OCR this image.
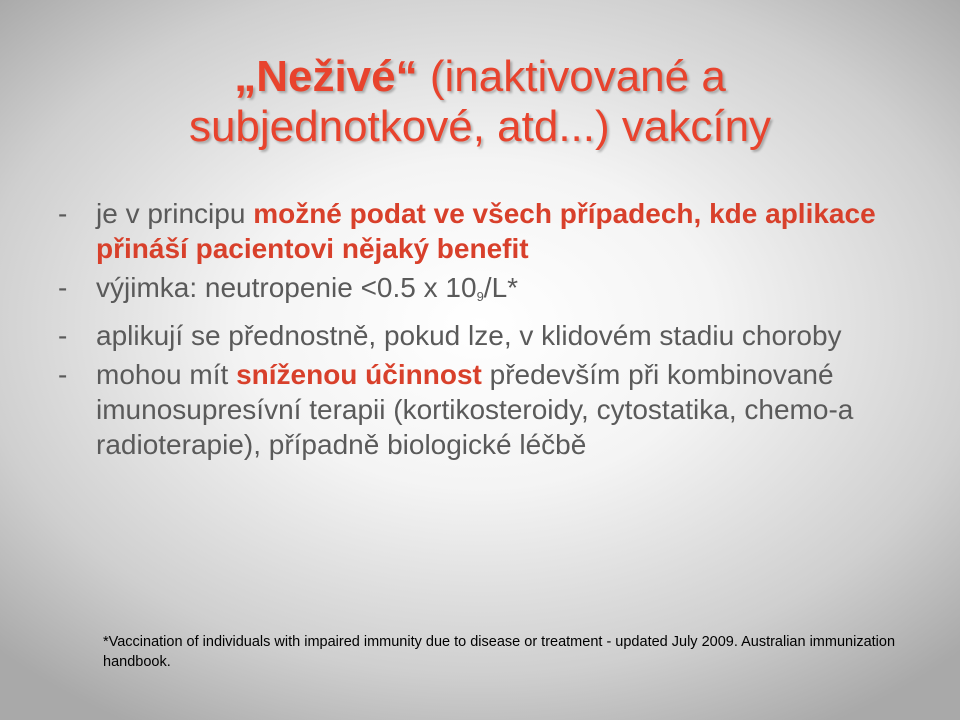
„Neživé“ (inaktivované a
subjednotkové, atd...) vakcíny
-	je v principu možné podat ve všech případech, kde aplikace přináší pacientovi nějaký benefit
-	výjimka: neutropenie <0.5 x $10^9/L*$
-	aplikují se přednostně, pokud lze, v klidovém stadiu choroby
-	mohou mít sníženou účinnost především při kombinované imunosupresívní terapii (kortikosteroidy, cytostatika, chemo-a radioterapie), případně biologické léčbě
*Vaccination of individuals with impaired immunity due to disease or treatment - updated July 2009. Australian immunization handbook.
